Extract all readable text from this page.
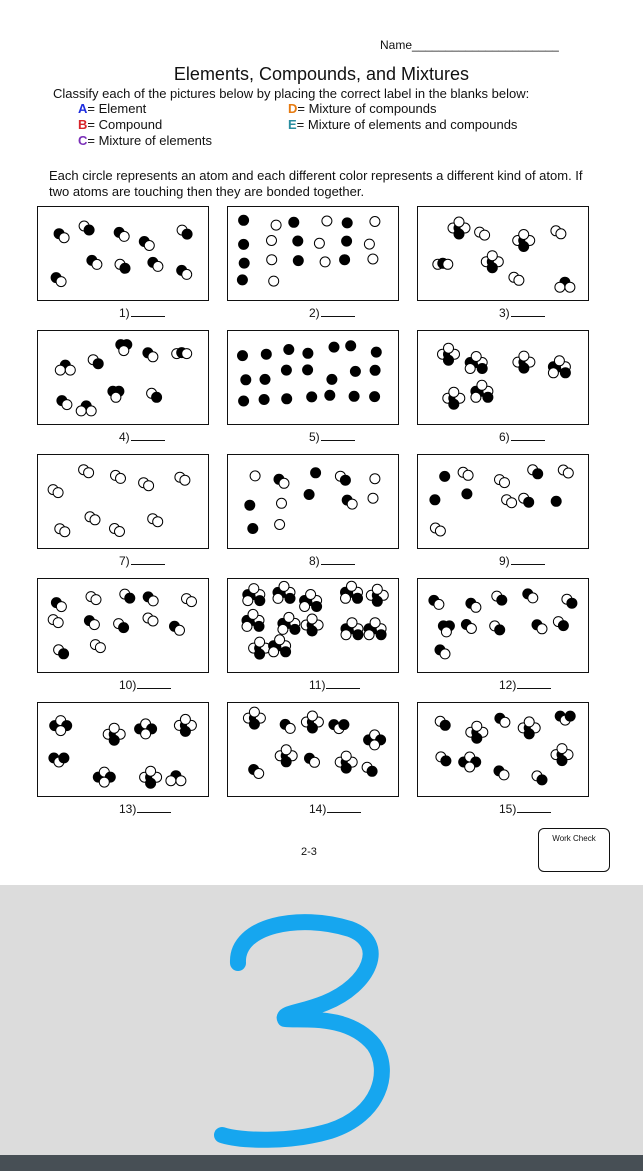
Name______________________
Elements, Compounds, and Mixtures
Classify each of the pictures below by placing the correct label in the blanks below:
A= Element
B= Compound
C= Mixture of elements
D= Mixture of compounds
E= Mixture of elements and compounds
Each circle represents an atom and each different color represents a different kind of atom. If two atoms are touching then they are bonded together.
1)	2)	3)
4)	5)	6)
7)	8)	9)
10)	11)	12)
13)	14)	15)
2-3
Work Check
